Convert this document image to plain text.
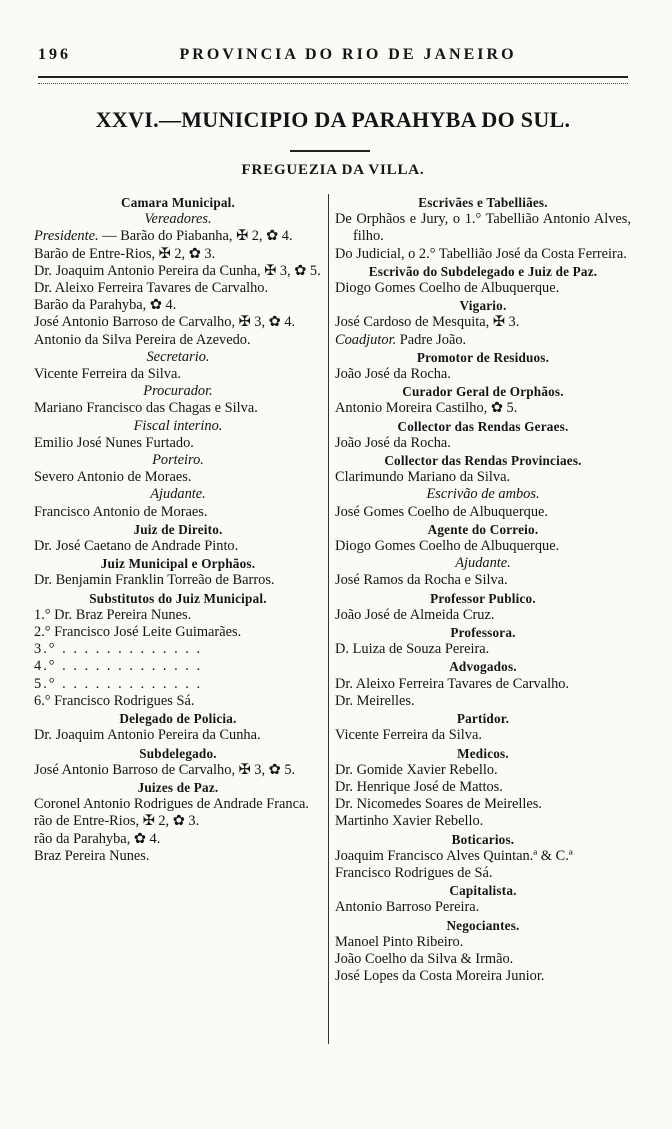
196	PROVINCIA DO RIO DE JANEIRO
XXVI.—MUNICIPIO DA PARAHYBA DO SUL.
FREGUEZIA DA VILLA.

Camara Municipal.

Vereadores.

Presidente. — Barão do Piabanha, ✠ 2, ✿ 4.

Barão de Entre-Rios, ✠ 2, ✿ 3.

Dr. Joaquim Antonio Pereira da Cunha, ✠ 3, ✿ 5.

Dr. Aleixo Ferreira Tavares de Carvalho.

Barão da Parahyba, ✿ 4.

José Antonio Barroso de Carvalho, ✠ 3, ✿ 4.

Antonio da Silva Pereira de Azevedo.

Secretario.

Vicente Ferreira da Silva.

Procurador.

Mariano Francisco das Chagas e Silva.

Fiscal interino.

Emilio José Nunes Furtado.

Porteiro.

Severo Antonio de Moraes.

Ajudante.

Francisco Antonio de Moraes.

Juiz de Direito.

Dr. José Caetano de Andrade Pinto.

Juiz Municipal e Orphãos.

Dr. Benjamin Franklin Torreão de Barros.

Substitutos do Juiz Municipal.

1.° Dr. Braz Pereira Nunes.

2.° Francisco José Leite Guimarães.

3.° . . . . . . . . . . . . .

4.° . . . . . . . . . . . . .

5.° . . . . . . . . . . . . .

6.° Francisco Rodrigues Sá.

Delegado de Policia.

Dr. Joaquim Antonio Pereira da Cunha.

Subdelegado.

José Antonio Barroso de Carvalho, ✠ 3, ✿ 5.

Juizes de Paz.

Coronel Antonio Rodrigues de Andrade Franca.

rão de Entre-Rios, ✠ 2, ✿ 3.

rão da Parahyba, ✿ 4.

Braz Pereira Nunes.

Escrivães e Tabelliães.

De Orphãos e Jury, o 1.° Tabellião Antonio Alves, filho.

Do Judicial, o 2.° Tabellião José da Costa Ferreira.

Escrivão do Subdelegado e Juiz de Paz.

Diogo Gomes Coelho de Albuquerque.

Vigario.

José Cardoso de Mesquita, ✠ 3.

Coadjutor. Padre João.

Promotor de Residuos.

João José da Rocha.

Curador Geral de Orphãos.

Antonio Moreira Castilho, ✿ 5.

Collector das Rendas Geraes.

João José da Rocha.

Collector das Rendas Provinciaes.

Clarimundo Mariano da Silva.

Escrivão de ambos.

José Gomes Coelho de Albuquerque.

Agente do Correio.

Diogo Gomes Coelho de Albuquerque.

Ajudante.

José Ramos da Rocha e Silva.

Professor Publico.

João José de Almeida Cruz.

Professora.

D. Luiza de Souza Pereira.

Advogados.

Dr. Aleixo Ferreira Tavares de Carvalho.

Dr. Meirelles.

Partidor.

Vicente Ferreira da Silva.

Medicos.

Dr. Gomide Xavier Rebello.

Dr. Henrique José de Mattos.

Dr. Nicomedes Soares de Meirelles.

Martinho Xavier Rebello.

Boticarios.

Joaquim Francisco Alves Quintan.ª & C.ª

Francisco Rodrigues de Sá.

Capitalista.

Antonio Barroso Pereira.

Negociantes.

Manoel Pinto Ribeiro.

João Coelho da Silva & Irmão.

José Lopes da Costa Moreira Junior.
